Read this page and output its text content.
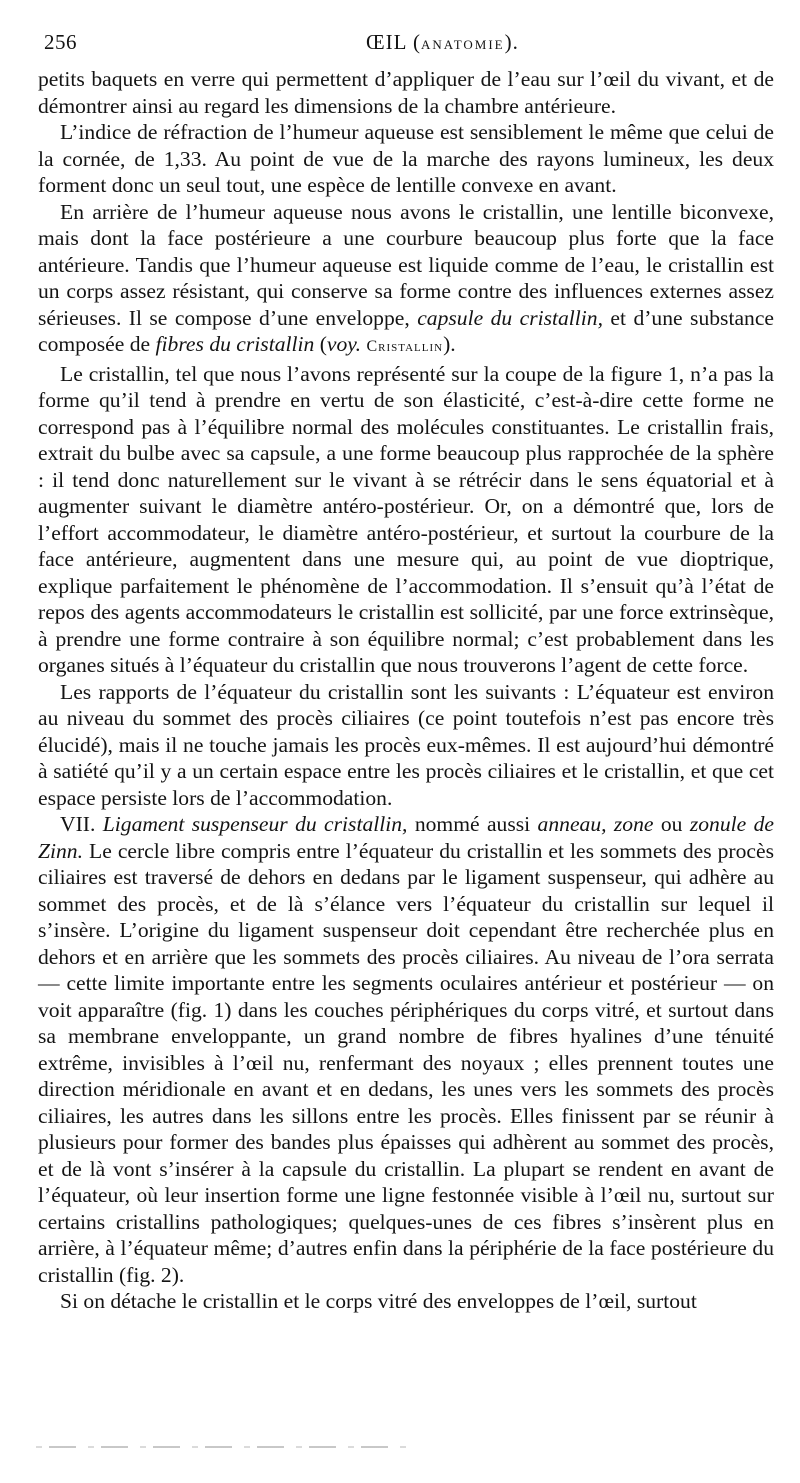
256	ŒIL (ANATOMIE).

petits baquets en verre qui permettent d’appliquer de l’eau sur l’œil du vivant, et de démontrer ainsi au regard les dimensions de la chambre antérieure.

L’indice de réfraction de l’humeur aqueuse est sensiblement le même que celui de la cornée, de 1,33. Au point de vue de la marche des rayons lumineux, les deux forment donc un seul tout, une espèce de lentille convexe en avant.

En arrière de l’humeur aqueuse nous avons le cristallin, une lentille biconvexe, mais dont la face postérieure a une courbure beaucoup plus forte que la face antérieure. Tandis que l’humeur aqueuse est liquide comme de l’eau, le cristallin est un corps assez résistant, qui conserve sa forme contre des influences externes assez sérieuses. Il se compose d’une enveloppe, capsule du cristallin, et d’une substance composée de fibres du cristallin (voy. Cristallin).

Le cristallin, tel que nous l’avons représenté sur la coupe de la figure 1, n’a pas la forme qu’il tend à prendre en vertu de son élasticité, c’est-à-dire cette forme ne correspond pas à l’équilibre normal des molécules constituantes. Le cristallin frais, extrait du bulbe avec sa capsule, a une forme beaucoup plus rapprochée de la sphère : il tend donc naturellement sur le vivant à se rétrécir dans le sens équatorial et à augmenter suivant le diamètre antéro-postérieur. Or, on a démontré que, lors de l’effort accommodateur, le diamètre antéro-postérieur, et surtout la courbure de la face antérieure, augmentent dans une mesure qui, au point de vue dioptrique, explique parfaitement le phénomène de l’accommodation. Il s’ensuit qu’à l’état de repos des agents accommodateurs le cristallin est sollicité, par une force extrinsèque, à prendre une forme contraire à son équilibre normal; c’est probablement dans les organes situés à l’équateur du cristallin que nous trouverons l’agent de cette force.

Les rapports de l’équateur du cristallin sont les suivants : L’équateur est environ au niveau du sommet des procès ciliaires (ce point toutefois n’est pas encore très élucidé), mais il ne touche jamais les procès eux-mêmes. Il est aujourd’hui démontré à satiété qu’il y a un certain espace entre les procès ciliaires et le cristallin, et que cet espace persiste lors de l’accommodation.

VII. Ligament suspenseur du cristallin, nommé aussi anneau, zone ou zonule de Zinn. Le cercle libre compris entre l’équateur du cristallin et les sommets des procès ciliaires est traversé de dehors en dedans par le ligament suspenseur, qui adhère au sommet des procès, et de là s’élance vers l’équateur du cristallin sur lequel il s’insère. L’origine du ligament suspenseur doit cependant être recherchée plus en dehors et en arrière que les sommets des procès ciliaires. Au niveau de l’ora serrata — cette limite importante entre les segments oculaires antérieur et postérieur — on voit apparaître (fig. 1) dans les couches périphériques du corps vitré, et surtout dans sa membrane enveloppante, un grand nombre de fibres hyalines d’une ténuité extrême, invisibles à l’œil nu, renfermant des noyaux ; elles prennent toutes une direction méridionale en avant et en dedans, les unes vers les sommets des procès ciliaires, les autres dans les sillons entre les procès. Elles finissent par se réunir à plusieurs pour former des bandes plus épaisses qui adhèrent au sommet des procès, et de là vont s’insérer à la capsule du cristallin. La plupart se rendent en avant de l’équateur, où leur insertion forme une ligne festonnée visible à l’œil nu, surtout sur certains cristallins pathologiques; quelques-unes de ces fibres s’insèrent plus en arrière, à l’équateur même; d’autres enfin dans la périphérie de la face postérieure du cristallin (fig. 2).

Si on détache le cristallin et le corps vitré des enveloppes de l’œil, surtout
